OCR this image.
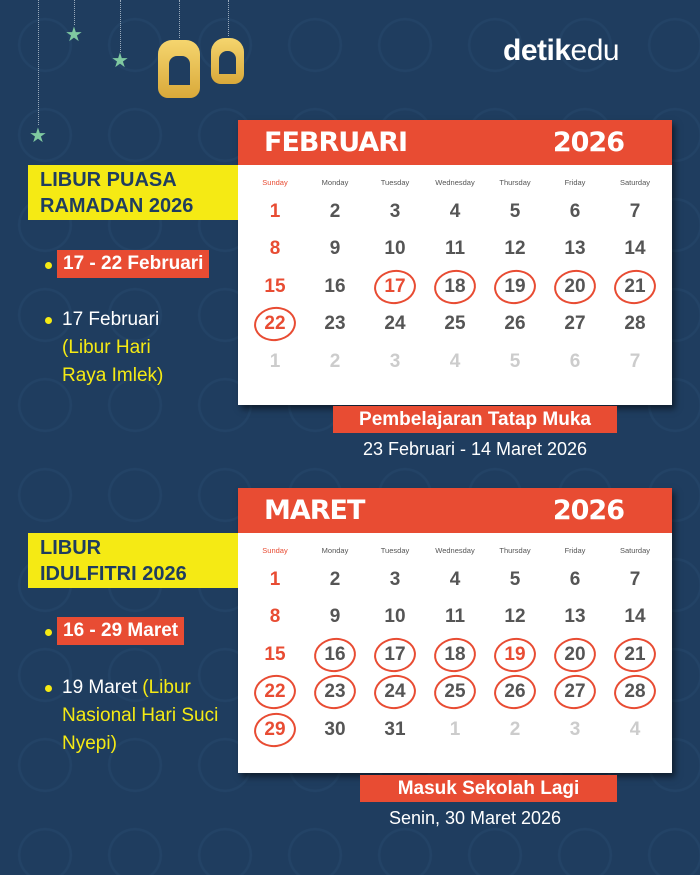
★
★
★	detikedu
FEBRUARI	2026
Sunday	Monday	Tuesday	Wednesday	Thursday	Friday	Saturday
1	2	3	4	5	6	7
8	9	10	11	12	13	14
15	16	17	18	19	20	21
22	23	24	25	26	27	28
1	2	3	4	5	6	7
LIBUR PUASA
RAMADAN 2026
17 - 22 Februari
17 Februari
(Libur Hari Raya Imlek)
Pembelajaran Tatap Muka
23 Februari - 14 Maret 2026
MARET	2026
Sunday	Monday	Tuesday	Wednesday	Thursday	Friday	Saturday
1	2	3	4	5	6	7
8	9	10	11	12	13	14
15	16	17	18	19	20	21
22	23	24	25	26	27	28
29	30	31	1	2	3	4
LIBUR
IDULFITRI 2026
16 - 29 Maret
19 Maret (Libur Nasional Hari Suci Nyepi)
Masuk Sekolah Lagi
Senin, 30 Maret 2026
